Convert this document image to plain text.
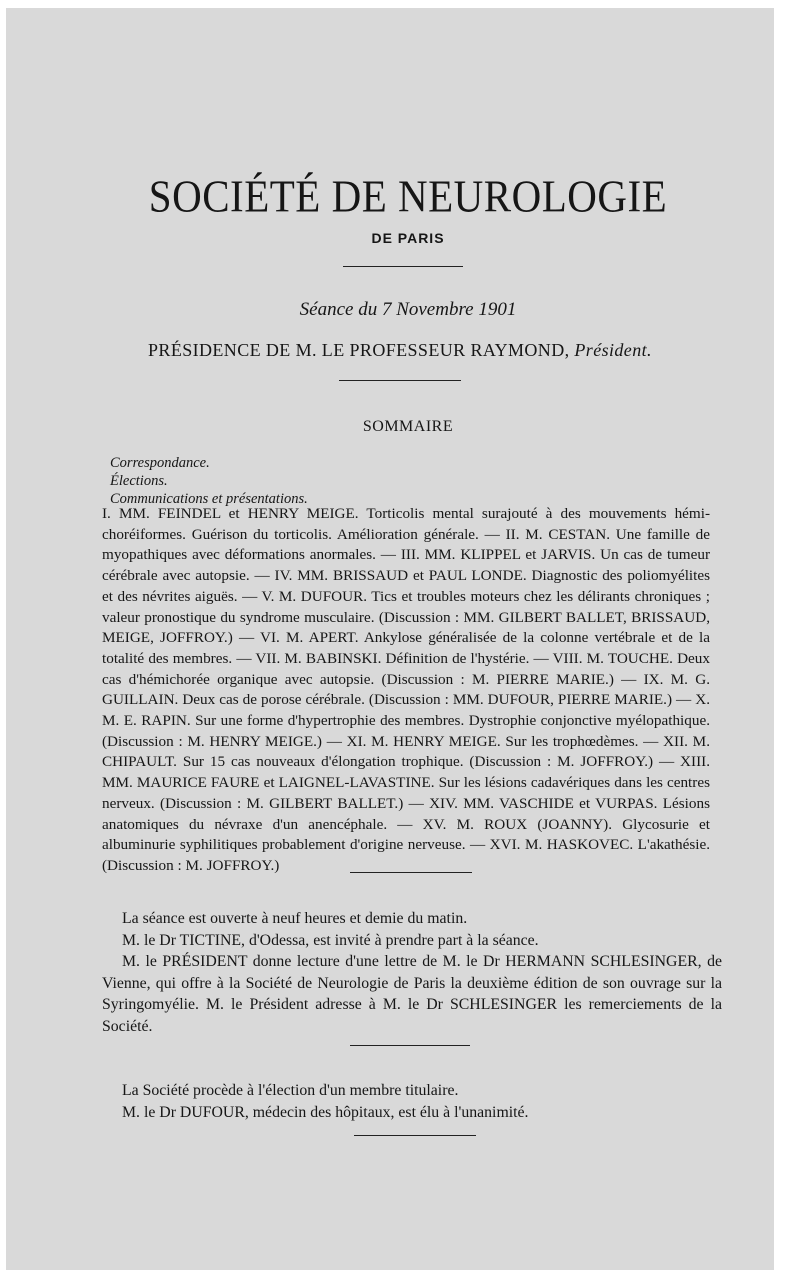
SOCIÉTÉ DE NEUROLOGIE
DE PARIS
Séance du 7 Novembre 1901
PRÉSIDENCE DE M. LE PROFESSEUR RAYMOND, Président.
SOMMAIRE
Correspondance.
Élections.
Communications et présentations.
I. MM. FEINDEL et HENRY MEIGE. Torticolis mental surajouté à des mouvements hémi-choréiformes. Guérison du torticolis. Amélioration générale. — II. M. CESTAN. Une famille de myopathiques avec déformations anormales. — III. MM. KLIPPEL et JARVIS. Un cas de tumeur cérébrale avec autopsie. — IV. MM. BRISSAUD et PAUL LONDE. Diagnostic des poliomyélites et des névrites aiguës. — V. M. DUFOUR. Tics et troubles moteurs chez les délirants chroniques ; valeur pronostique du syndrome musculaire. (Discussion : MM. GILBERT BALLET, BRISSAUD, MEIGE, JOFFROY.) — VI. M. APERT. Ankylose généralisée de la colonne vertébrale et de la totalité des membres. — VII. M. BABINSKI. Définition de l'hystérie. — VIII. M. TOUCHE. Deux cas d'hémichorée organique avec autopsie. (Discussion : M. PIERRE MARIE.) — IX. M. G. GUILLAIN. Deux cas de porose cérébrale. (Discussion : MM. DUFOUR, PIERRE MARIE.) — X. M. E. RAPIN. Sur une forme d'hypertrophie des membres. Dystrophie conjonctive myélopathique. (Discussion : M. HENRY MEIGE.) — XI. M. HENRY MEIGE. Sur les trophœdèmes. — XII. M. CHIPAULT. Sur 15 cas nouveaux d'élongation trophique. (Discussion : M. JOFFROY.) — XIII. MM. MAURICE FAURE et LAIGNEL-LAVASTINE. Sur les lésions cadavériques dans les centres nerveux. (Discussion : M. GILBERT BALLET.) — XIV. MM. VASCHIDE et VURPAS. Lésions anatomiques du névraxe d'un anencéphale. — XV. M. ROUX (JOANNY). Glycosurie et albuminurie syphilitiques probablement d'origine nerveuse. — XVI. M. HASKOVEC. L'akathésie. (Discussion : M. JOFFROY.)

La séance est ouverte à neuf heures et demie du matin.

M. le Dr TICTINE, d'Odessa, est invité à prendre part à la séance.

M. le PRÉSIDENT donne lecture d'une lettre de M. le Dr HERMANN SCHLESINGER, de Vienne, qui offre à la Société de Neurologie de Paris la deuxième édition de son ouvrage sur la Syringomyélie. M. le Président adresse à M. le Dr SCHLESINGER les remerciements de la Société.

La Société procède à l'élection d'un membre titulaire.

M. le Dr DUFOUR, médecin des hôpitaux, est élu à l'unanimité.
